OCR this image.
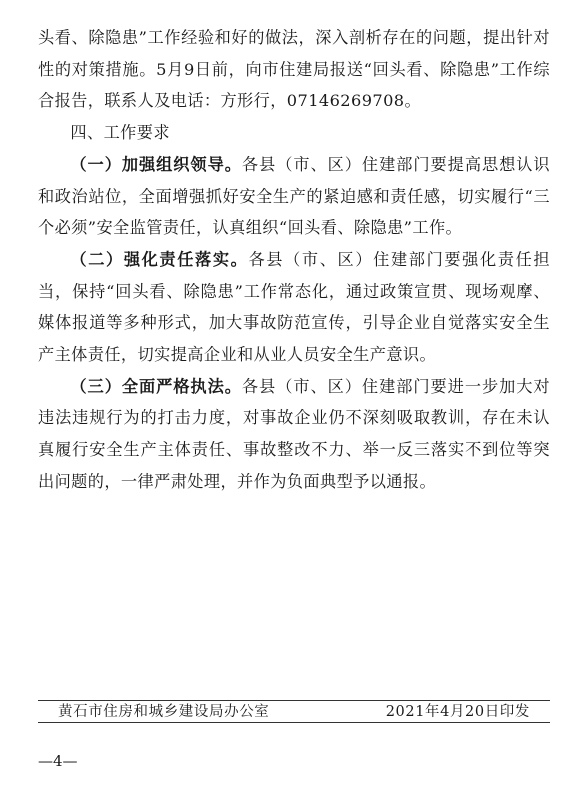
头看、除隐患”工作经验和好的做法，深入剖析存在的问题，提出针对性的对策措施。5月9日前，向市住建局报送“回头看、除隐患”工作综合报告，联系人及电话：方形行，07146269708。

四、工作要求

（一）加强组织领导。各县（市、区）住建部门要提高思想认识和政治站位，全面增强抓好安全生产的紧迫感和责任感，切实履行“三个必须”安全监管责任，认真组织“回头看、除隐患”工作。

（二）强化责任落实。各县（市、区）住建部门要强化责任担当，保持“回头看、除隐患”工作常态化，通过政策宣贯、现场观摩、媒体报道等多种形式，加大事故防范宣传，引导企业自觉落实安全生产主体责任，切实提高企业和从业人员安全生产意识。

（三）全面严格执法。各县（市、区）住建部门要进一步加大对违法违规行为的打击力度，对事故企业仍不深刻吸取教训，存在未认真履行安全生产主体责任、事故整改不力、举一反三落实不到位等突出问题的，一律严肃处理，并作为负面典型予以通报。

黄石市住房和城乡建设局办公室	2021年4月20日印发
—4—
